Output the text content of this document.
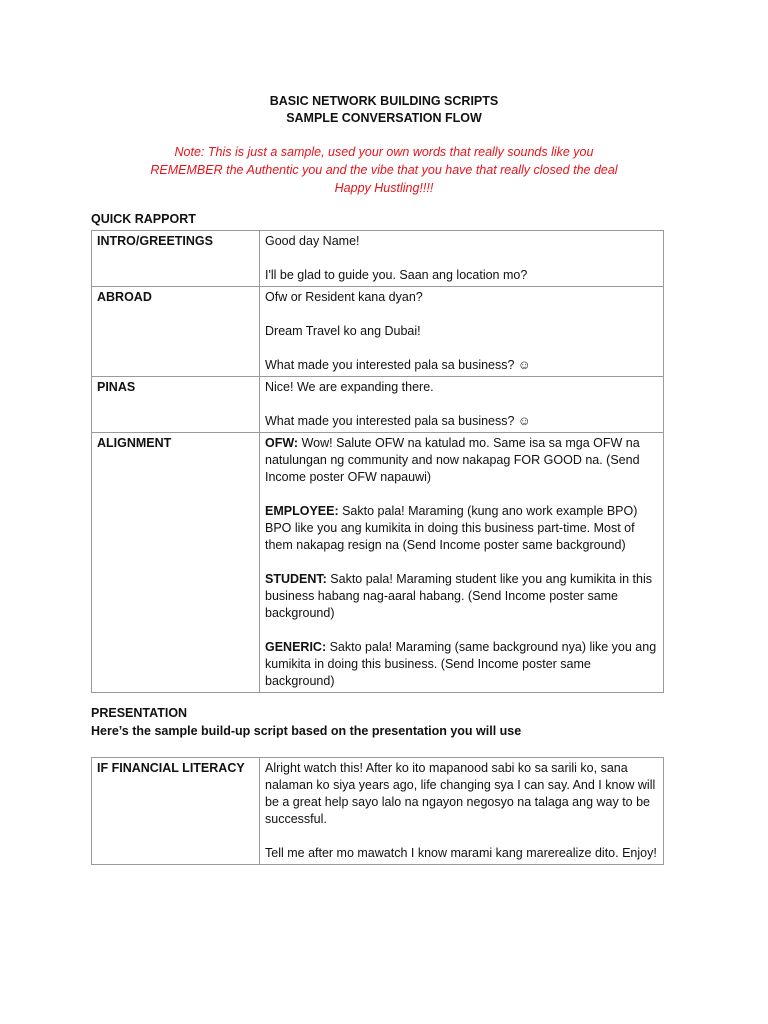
BASIC NETWORK BUILDING SCRIPTS
SAMPLE CONVERSATION FLOW
Note: This is just a sample, used your own words that really sounds like you
REMEMBER the Authentic you and the vibe that you have that really closed the deal
Happy Hustling!!!!
QUICK RAPPORT
INTRO/GREETINGS	Good day Name!

I'll be glad to guide you. Saan ang location mo?

ABROAD	Ofw or Resident kana dyan?

Dream Travel ko ang Dubai!

What made you interested pala sa business? ☺

PINAS	Nice! We are expanding there.

What made you interested pala sa business? ☺

ALIGNMENT	OFW: Wow! Salute OFW na katulad mo. Same isa sa mga OFW na natulungan ng community and now nakapag FOR GOOD na. (Send Income poster OFW napauwi)

EMPLOYEE: Sakto pala! Maraming (kung ano work example BPO) BPO like you ang kumikita in doing this business part-time. Most of them nakapag resign na (Send Income poster same background)

STUDENT: Sakto pala! Maraming student like you ang kumikita in this business habang nag-aaral habang. (Send Income poster same background)

GENERIC: Sakto pala! Maraming (same background nya) like you ang kumikita in doing this business. (Send Income poster same background)

PRESENTATION
Here’s the sample build-up script based on the presentation you will use
IF FINANCIAL LITERACY	Alright watch this! After ko ito mapanood sabi ko sa sarili ko, sana nalaman ko siya years ago, life changing sya I can say. And I know will be a great help sayo lalo na ngayon negosyo na talaga ang way to be successful.

Tell me after mo mawatch I know marami kang marerealize dito. Enjoy!
